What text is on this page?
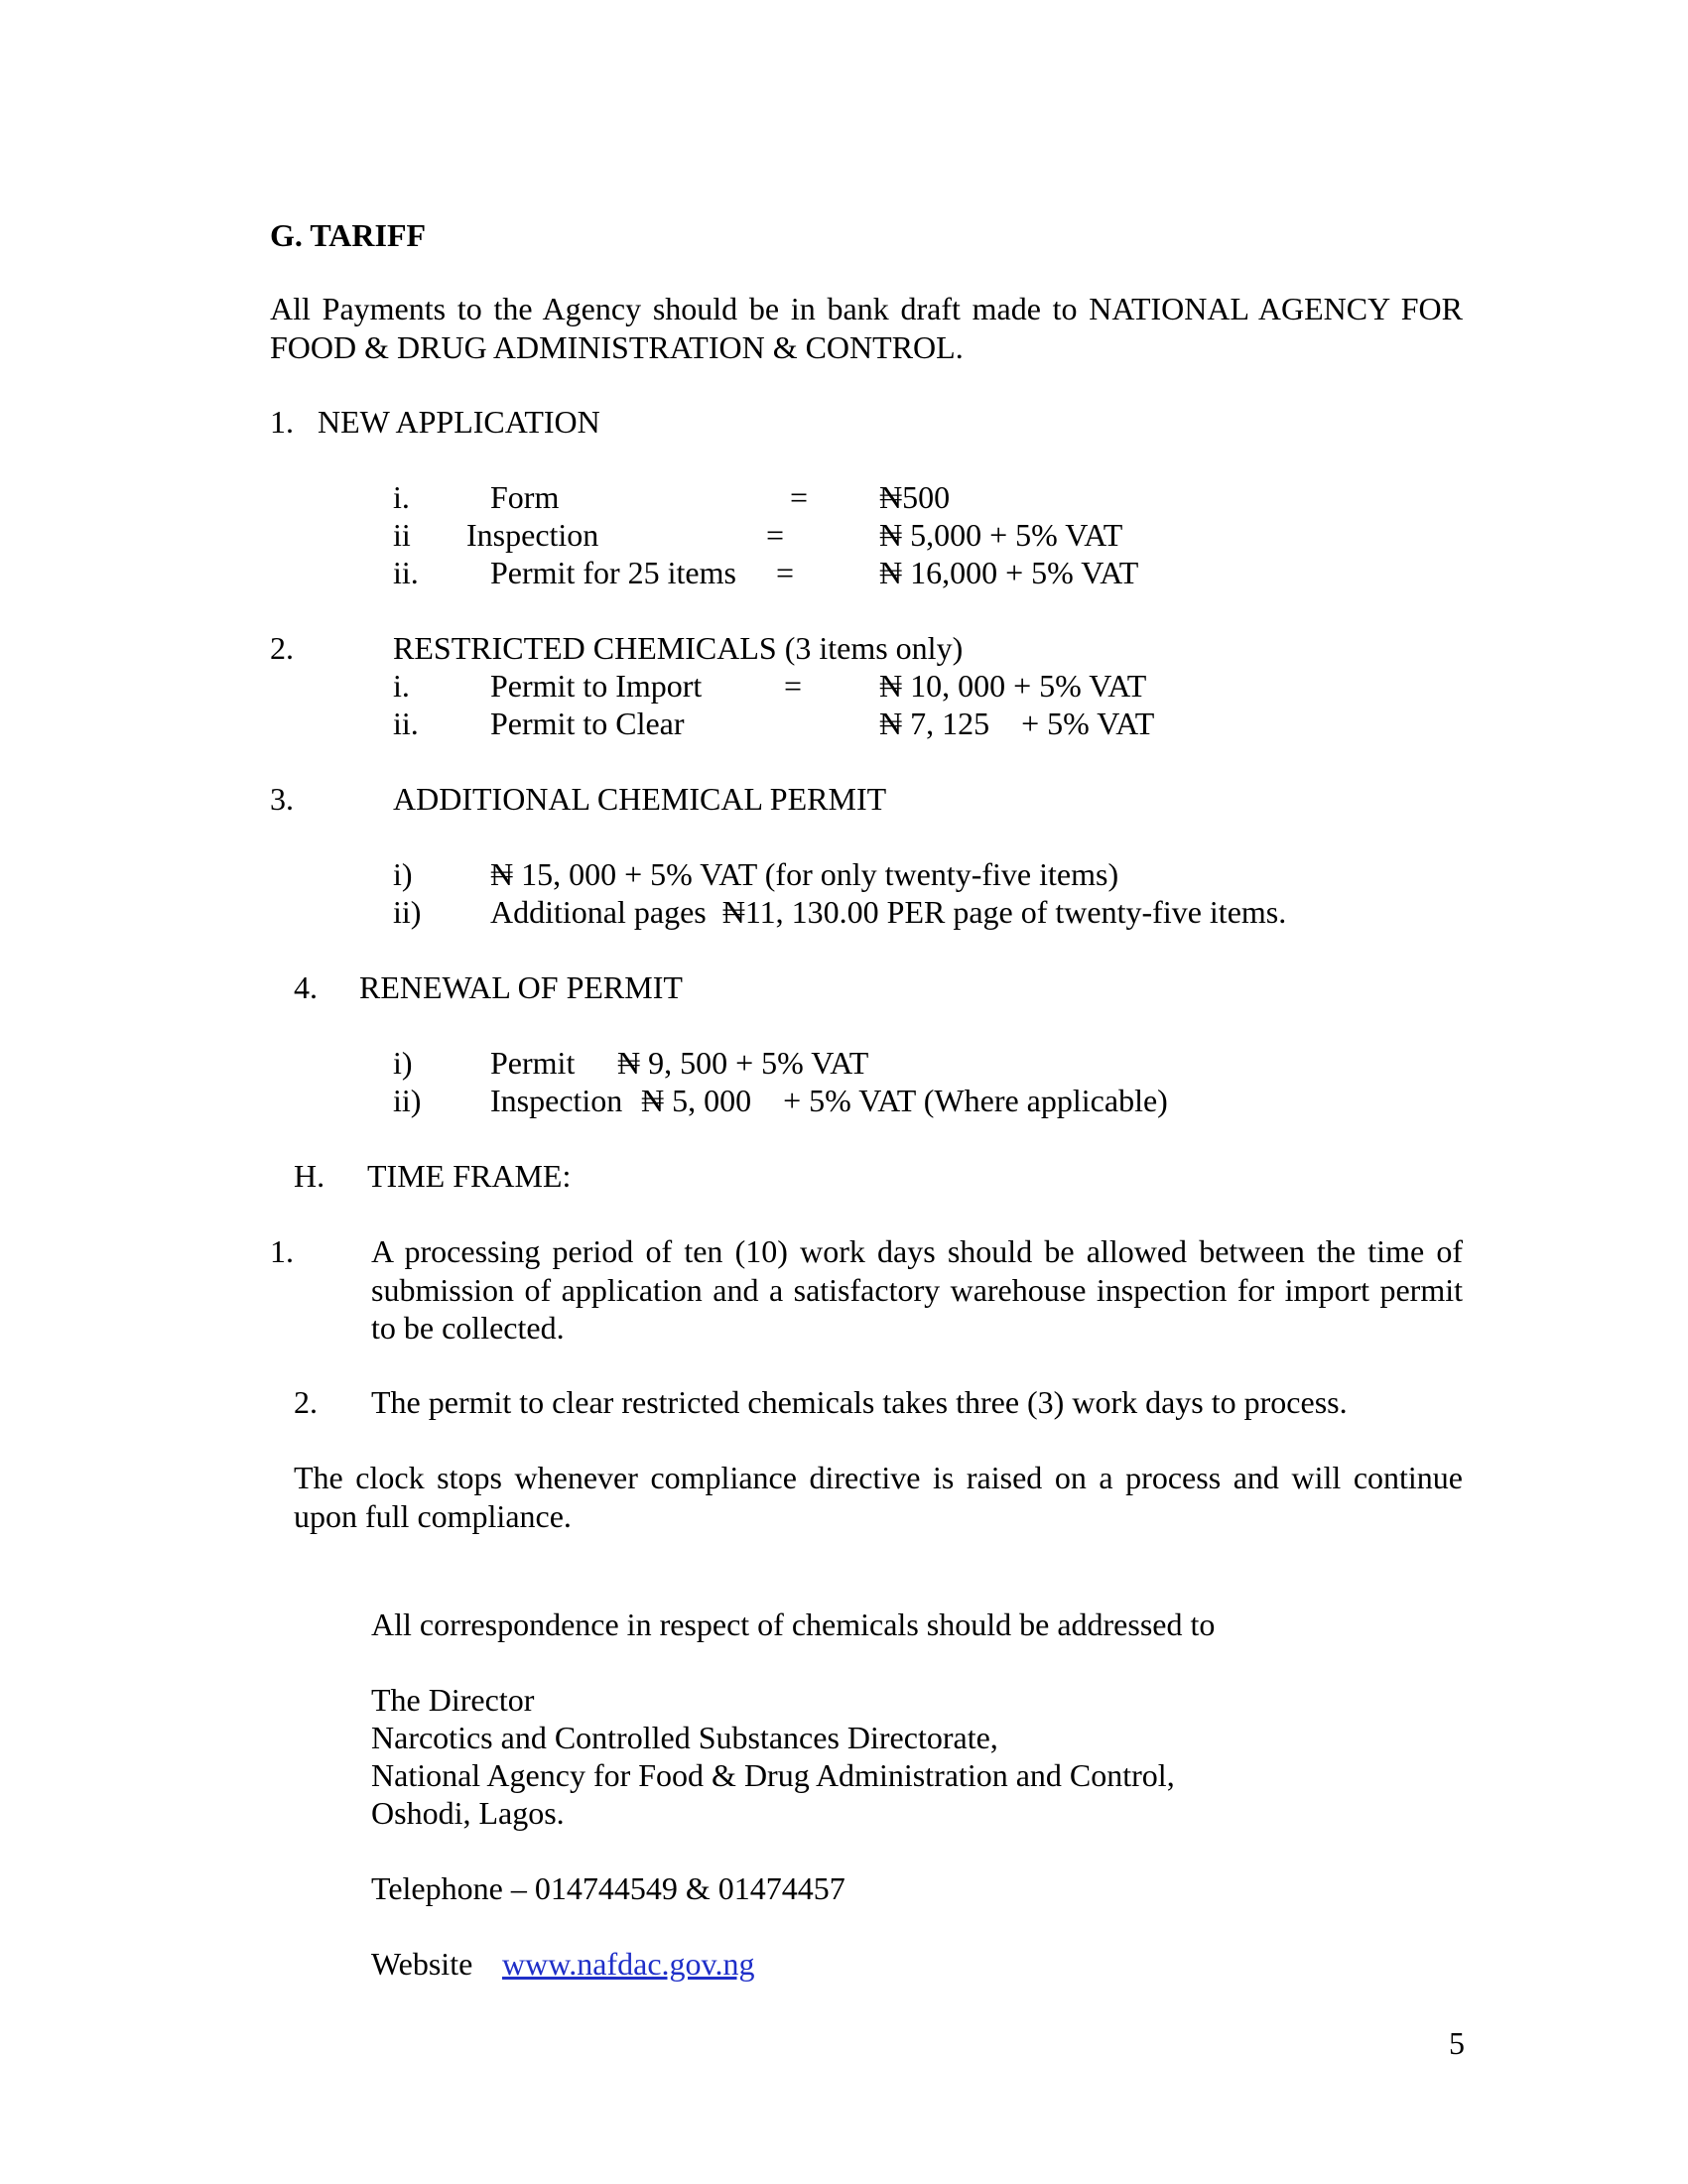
G. TARIFF
All Payments to the Agency should be in bank draft made to NATIONAL AGENCY FOR FOOD & DRUG ADMINISTRATION & CONTROL.
1. NEW APPLICATION
i.	Form	= ₦500
ii Inspection	=	₦ 5,000 + 5% VAT
ii. Permit for 25 items =	₦ 16,000 + 5% VAT
2.	RESTRICTED CHEMICALS (3 items only)
i.	Permit to Import	= ₦ 10, 000 + 5% VAT
ii. Permit to Clear	₦ 7, 125    + 5% VAT
3.	ADDITIONAL CHEMICAL PERMIT
i) ₦ 15, 000 + 5% VAT (for only twenty-five items)
ii) Additional pages  ₦11, 130.00 PER page of twenty-five items.
4. RENEWAL OF PERMIT
i) Permit ₦ 9, 500 + 5% VAT
ii) Inspection ₦ 5, 000    + 5% VAT (Where applicable)
H. TIME FRAME:
1. A processing period of ten (10) work days should be allowed between the time of submission of application and a satisfactory warehouse inspection for import permit to be collected.
2. The permit to clear restricted chemicals takes three (3) work days to process.
The clock stops whenever compliance directive is raised on a process and will continue upon full compliance.
All correspondence in respect of chemicals should be addressed to
The Director
Narcotics and Controlled Substances Directorate,
National Agency for Food & Drug Administration and Control,
Oshodi, Lagos.
Telephone – 014744549 & 01474457
Website www.nafdac.gov.ng
5
